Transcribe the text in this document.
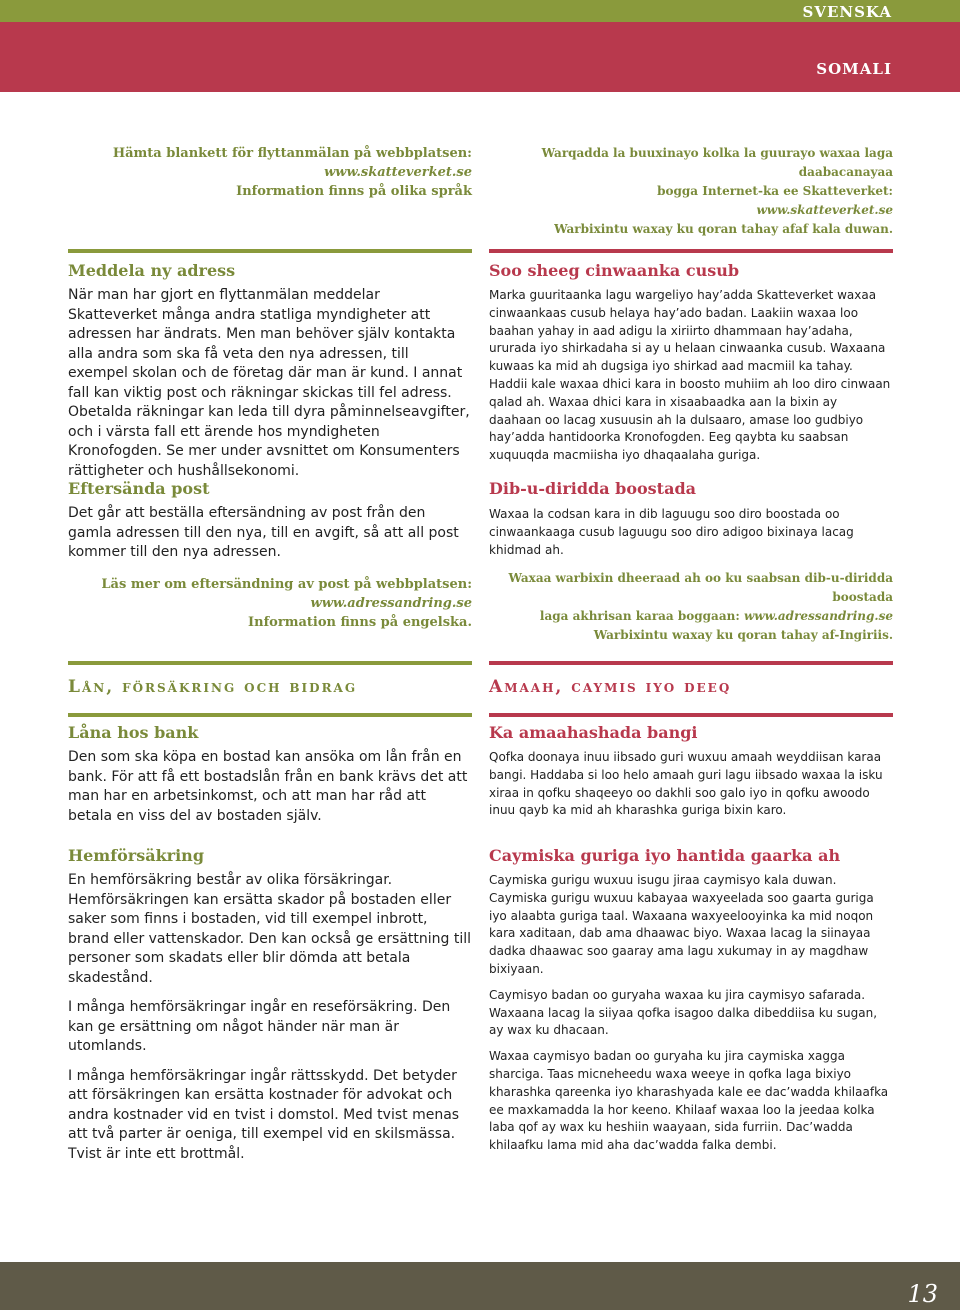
SVENSKA
SOMALI
Hämta blankett för flyttanmälan på webbplatsen:
www.skatteverket.se
Information finns på olika språk
Warqadda la buuxinayo kolka la guurayo waxaa laga daabacanayaa
bogga Internet-ka ee Skatteverket:
www.skatteverket.se
Warbixintu waxay ku qoran tahay afaf kala duwan.
Meddela ny adress

När man har gjort en flyttanmälan meddelar Skatteverket många andra statliga myndigheter att adressen har ändrats. Men man behöver själv kontakta alla andra som ska få veta den nya adressen, till exempel skolan och de företag där man är kund. I annat fall kan viktig post och räkningar skickas till fel adress. Obetalda räkningar kan leda till dyra påminnelseavgifter, och i värsta fall ett ärende hos myndigheten Kronofogden. Se mer under avsnittet om Konsumenters rättigheter och hushållsekonomi.

Soo sheeg cinwaanka cusub

Marka guuritaanka lagu wargeliyo hay’adda Skatteverket waxaa cinwaankaas cusub helaya hay’ado badan. Laakiin waxaa loo baahan yahay in aad adigu la xiriirto dhammaan hay’adaha, ururada iyo shirkadaha si ay u helaan cinwaanka cusub. Waxaana kuwaas ka mid ah dugsiga iyo shirkad aad macmiil ka tahay. Haddii kale waxaa dhici kara in boosto muhiim ah loo diro cinwaan qalad ah. Waxaa dhici kara in xisaabaadka aan la bixin ay daahaan oo lacag xusuusin ah la dulsaaro, amase loo gudbiyo hay’adda hantidoorka Kronofogden. Eeg qaybta ku saabsan xuquuqda macmiisha iyo dhaqaalaha guriga.

Eftersända post

Det går att beställa eftersändning av post från den gamla adressen till den nya, till en avgift, så att all post kommer till den nya adressen.

Läs mer om eftersändning av post på webbplatsen:
www.adressandring.se
Information finns på engelska.
Dib-u-diridda boostada

Waxaa la codsan kara in dib laguugu soo diro boostada oo cinwaankaaga cusub laguugu soo diro adigoo bixinaya lacag khidmad ah.

Waxaa warbixin dheeraad ah oo ku saabsan dib-u-diridda boostada
laga akhrisan karaa boggaan: www.adressandring.se
Warbixintu waxay ku qoran tahay af-Ingiriis.
Lån, försäkring och bidrag	Amaah, caymis iyo deeq
Låna hos bank

Den som ska köpa en bostad kan ansöka om lån från en bank. För att få ett bostadslån från en bank krävs det att man har en arbetsinkomst, och att man har råd att betala en viss del av bostaden själv.

Ka amaahashada bangi

Qofka doonaya inuu iibsado guri wuxuu amaah weyddiisan karaa bangi. Haddaba si loo helo amaah guri lagu iibsado waxaa la isku xiraa in qofku shaqeeyo oo dakhli soo galo iyo in qofku awoodo inuu qayb ka mid ah kharashka guriga bixin karo.

Hemförsäkring

En hemförsäkring består av olika försäkringar. Hemförsäkringen kan ersätta skador på bostaden eller saker som finns i bostaden, vid till exempel inbrott, brand eller vattenskador. Den kan också ge ersättning till personer som skadats eller blir dömda att betala skadestånd.

I många hemförsäkringar ingår en reseförsäkring. Den kan ge ersättning om något händer när man är utomlands.

I många hemförsäkringar ingår rättsskydd. Det betyder att försäkringen kan ersätta kostnader för advokat och andra kostnader vid en tvist i domstol. Med tvist menas att två parter är oeniga, till exempel vid en skilsmässa. Tvist är inte ett brottmål.

Caymiska guriga iyo hantida gaarka ah

Caymiska gurigu wuxuu isugu jiraa caymisyo kala duwan. Caymiska gurigu wuxuu kabayaa waxyeelada soo gaarta guriga iyo alaabta guriga taal. Waxaana waxyeelooyinka ka mid noqon kara xaditaan, dab ama dhaawac biyo. Waxaa lacag la siinayaa dadka dhaawac soo gaaray ama lagu xukumay in ay magdhaw bixiyaan.

Caymisyo badan oo guryaha waxaa ku jira caymisyo safarada. Waxaana lacag la siiyaa qofka isagoo dalka dibeddiisa ku sugan, ay wax ku dhacaan.

Waxaa caymisyo badan oo guryaha ku jira caymiska xagga sharciga. Taas micneheedu waxa weeye in qofka laga bixiyo kharashka qareenka iyo kharashyada kale ee dac’wadda khilaafka ee maxkamadda la hor keeno. Khilaaf waxaa loo la jeedaa kolka laba qof ay wax ku heshiin waayaan, sida furriin. Dac’wadda khilaafku lama mid aha dac’wadda falka dembi.

13
